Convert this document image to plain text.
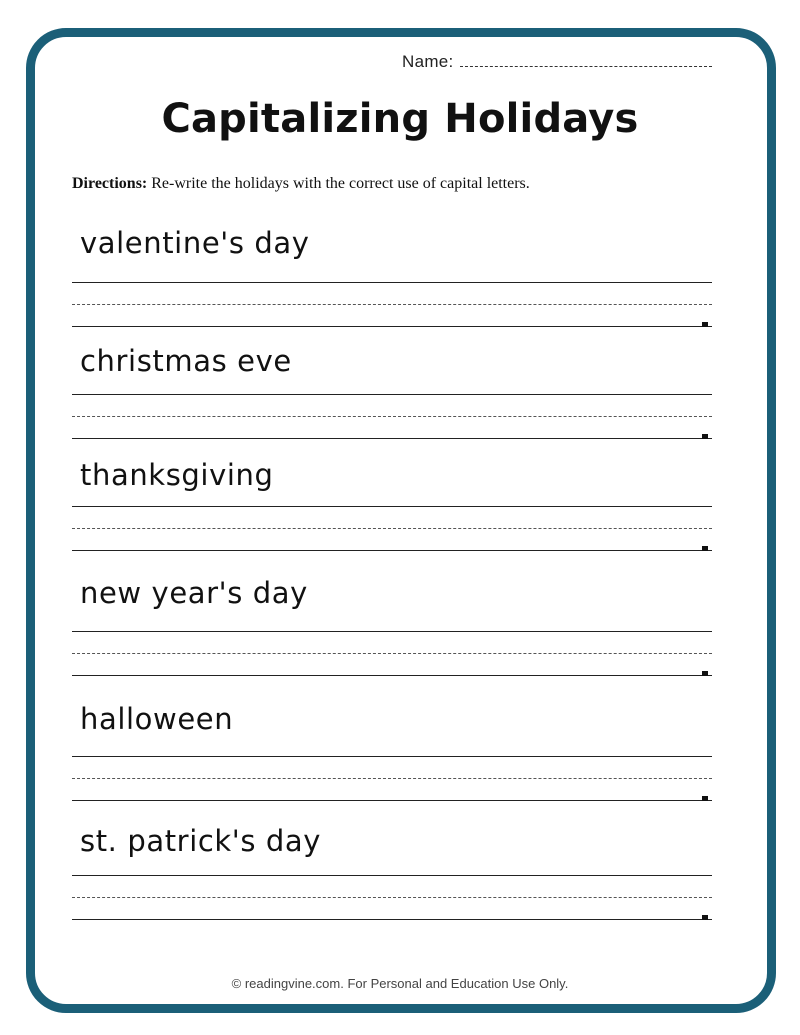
Name:
Capitalizing Holidays
Directions: Re-write the holidays with the correct use of capital letters.
valentine's day
christmas eve
thanksgiving
new year's day
halloween
st. patrick's day
© readingvine.com. For Personal and Education Use Only.
